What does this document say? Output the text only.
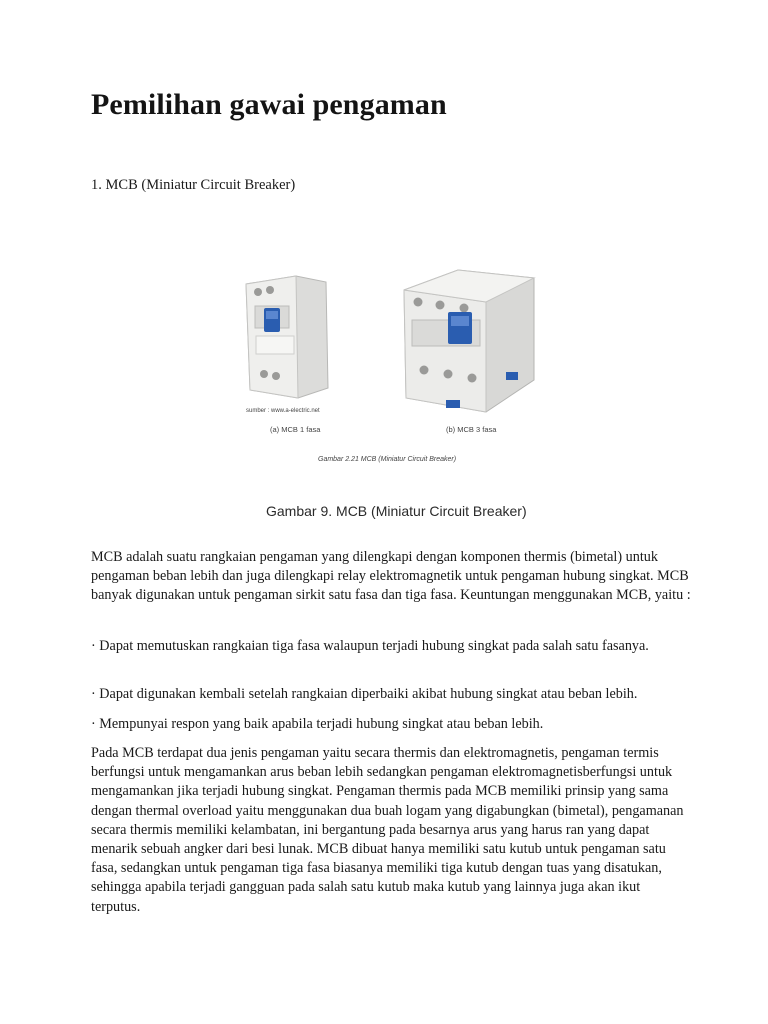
Pemilihan gawai pengaman

1. MCB (Miniatur Circuit Breaker)

sumber : www.a-electric.net
(a) MCB 1 fasa	(b) MCB 3 fasa
Gambar 2.21 MCB (Miniatur Circuit Breaker)

Gambar 9. MCB (Miniatur Circuit Breaker)

MCB adalah suatu rangkaian pengaman yang dilengkapi dengan komponen thermis (bimetal) untuk pengaman beban lebih dan juga dilengkapi relay elektromagnetik untuk pengaman hubung singkat. MCB banyak digunakan untuk pengaman sirkit satu fasa dan tiga fasa. Keuntungan menggunakan MCB, yaitu :

· Dapat memutuskan rangkaian tiga fasa walaupun terjadi hubung singkat pada salah satu fasanya.

· Dapat digunakan kembali setelah rangkaian diperbaiki akibat hubung singkat atau beban lebih.

· Mempunyai respon yang baik apabila terjadi hubung singkat atau beban lebih.

Pada MCB terdapat dua jenis pengaman yaitu secara thermis dan elektromagnetis, pengaman termis berfungsi untuk mengamankan arus beban lebih sedangkan pengaman elektromagnetisberfungsi untuk mengamankan jika terjadi hubung singkat. Pengaman thermis pada MCB memiliki prinsip yang sama dengan thermal overload yaitu menggunakan dua buah logam yang digabungkan (bimetal), pengamanan secara thermis memiliki kelambatan, ini bergantung pada besarnya arus yang harus ran yang dapat menarik sebuah angker dari besi lunak. MCB dibuat hanya memiliki satu kutub untuk pengaman satu fasa, sedangkan untuk pengaman tiga fasa biasanya memiliki tiga kutub dengan tuas yang disatukan, sehingga apabila terjadi gangguan pada salah satu kutub maka kutub yang lainnya juga akan ikut terputus.
